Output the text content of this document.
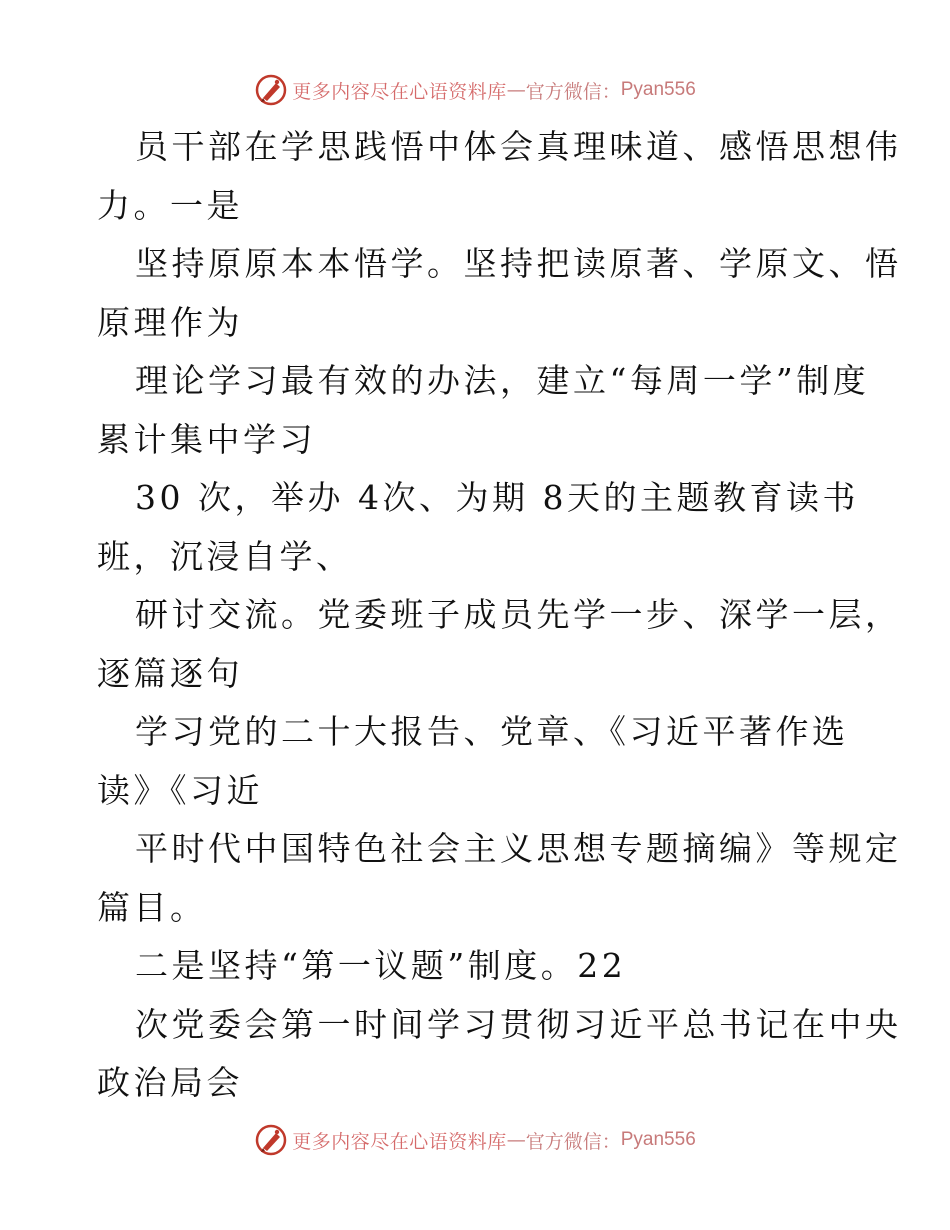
更多内容尽在心语资料库 — 官方微信： Pyan556
员干部在学思践悟中体会真理味道、感悟思想伟
力。一是
坚持原原本本悟学。坚持把读原著、学原文、悟
原理作为
理论学习最有效的办法，建立“每周一学”制度
累计集中学习
30 次，举办 4次、为期 8天的主题教育读书
班，沉浸自学、
研讨交流。党委班子成员先学一步、深学一层，
逐篇逐句
学习党的二十大报告、党章、《习近平著作选
读》《习近
平时代中国特色社会主义思想专题摘编》等规定
篇目。
二是坚持“第一议题”制度。22
次党委会第一时间学习贯彻习近平总书记在中央
政治局会
更多内容尽在心语资料库 — 官方微信： Pyan556
